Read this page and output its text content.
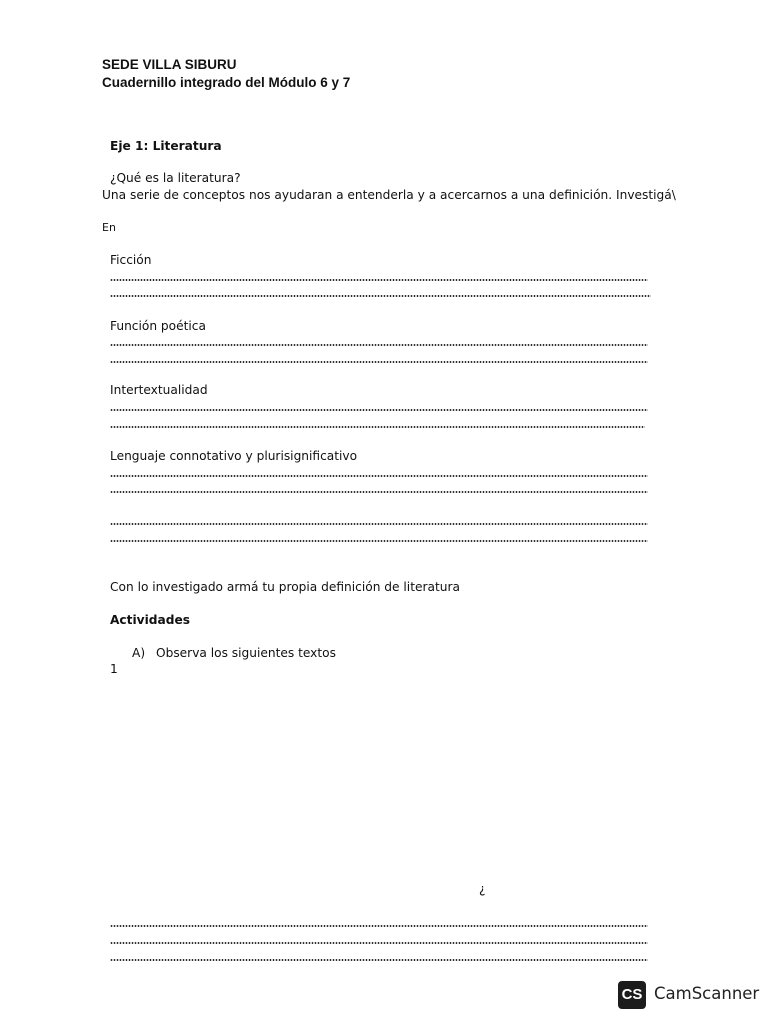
SEDE VILLA SIBURU
Cuadernillo integrado del Módulo 6 y 7
Eje 1: Literatura
¿Qué es la literatura?
Una serie de conceptos nos ayudaran a entenderla y a acercarnos a una definición. Investigá\
En
Ficción
Función poética
Intertextualidad
Lenguaje connotativo y plurisignificativo
Con lo investigado armá tu propia definición de literatura
Actividades
A) Observa los siguientes textos
1
¿
CS CamScanner
